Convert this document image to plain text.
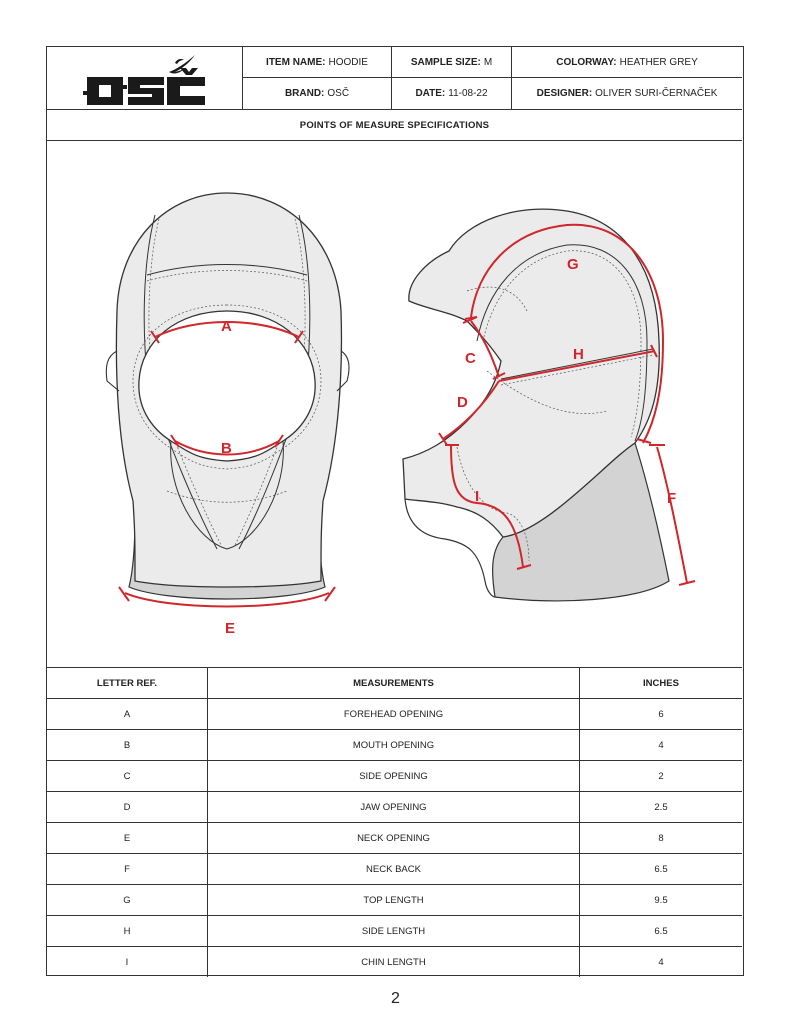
ITEM NAME: HOODIE	SAMPLE SIZE: M	COLORWAY: HEATHER GREY
BRAND: OSČ	DATE: 11-08-22	DESIGNER: OLIVER SURI-ČERNAČEK
POINTS OF MEASURE SPECIFICATIONS
A
B
E
G
C
D
H
I	F
LETTER REF.	MEASUREMENTS	INCHES
A	FOREHEAD OPENING	6
B	MOUTH OPENING	4
C	SIDE OPENING	2
D	JAW OPENING	2.5
E	NECK OPENING	8
F	NECK BACK	6.5
G	TOP LENGTH	9.5
H	SIDE LENGTH	6.5
I	CHIN LENGTH	4
2
